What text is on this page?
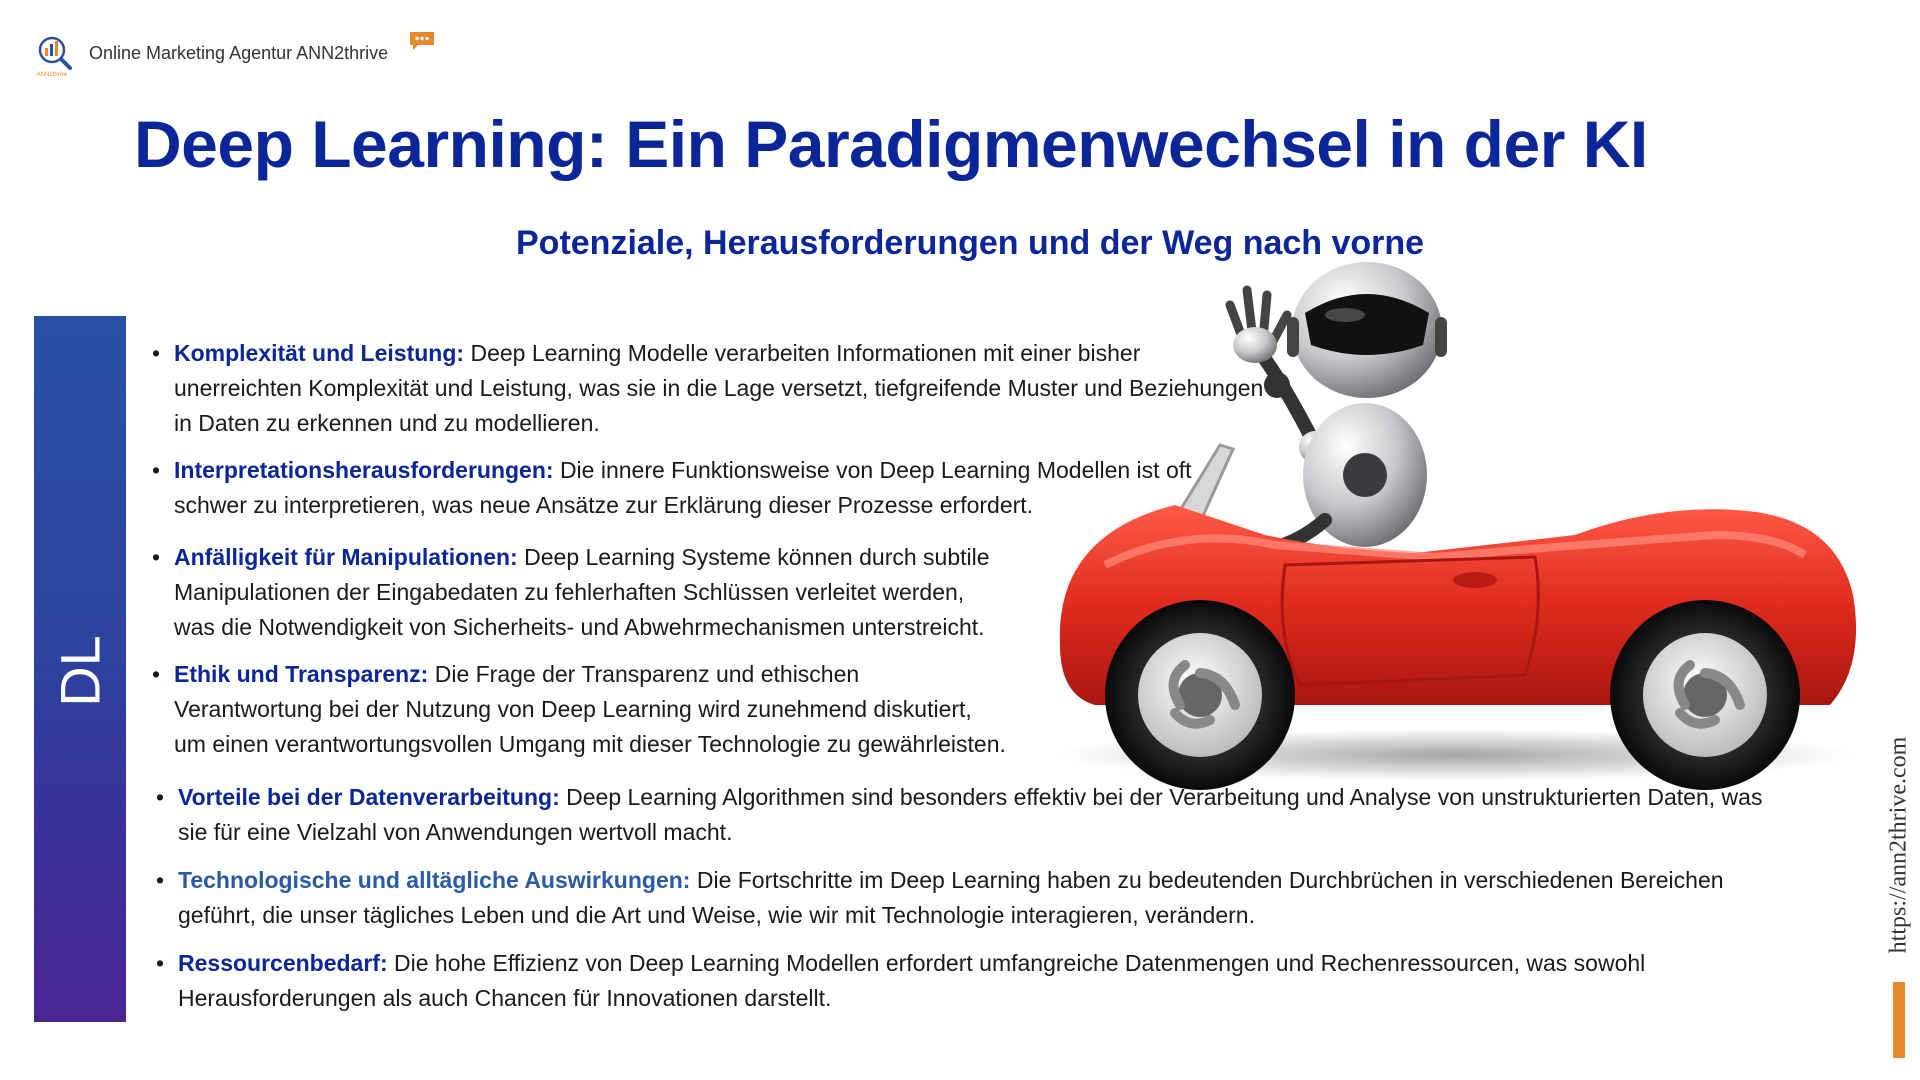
ANN2thrive
Online Marketing Agentur ANN2thrive
Deep Learning: Ein Paradigmenwechsel in der KI
Potenziale, Herausforderungen und der Weg nach vorne
DL
• Komplexität und Leistung: Deep Learning Modelle verarbeiten Informationen mit einer bisher
unerreichten Komplexität und Leistung, was sie in die Lage versetzt, tiefgreifende Muster und Beziehungen
in Daten zu erkennen und zu modellieren.
• Interpretationsherausforderungen: Die innere Funktionsweise von Deep Learning Modellen ist oft
schwer zu interpretieren, was neue Ansätze zur Erklärung dieser Prozesse erfordert.
• Anfälligkeit für Manipulationen: Deep Learning Systeme können durch subtile
Manipulationen der Eingabedaten zu fehlerhaften Schlüssen verleitet werden,
was die Notwendigkeit von Sicherheits- und Abwehrmechanismen unterstreicht.
• Ethik und Transparenz: Die Frage der Transparenz und ethischen
Verantwortung bei der Nutzung von Deep Learning wird zunehmend diskutiert,
um einen verantwortungsvollen Umgang mit dieser Technologie zu gewährleisten.
• Vorteile bei der Datenverarbeitung: Deep Learning Algorithmen sind besonders effektiv bei der Verarbeitung und Analyse von unstrukturierten Daten, was
sie für eine Vielzahl von Anwendungen wertvoll macht.
• Technologische und alltägliche Auswirkungen: Die Fortschritte im Deep Learning haben zu bedeutenden Durchbrüchen in verschiedenen Bereichen
geführt, die unser tägliches Leben und die Art und Weise, wie wir mit Technologie interagieren, verändern.
• Ressourcenbedarf: Die hohe Effizienz von Deep Learning Modellen erfordert umfangreiche Datenmengen und Rechenressourcen, was sowohl
Herausforderungen als auch Chancen für Innovationen darstellt.
https://ann2thrive.com
